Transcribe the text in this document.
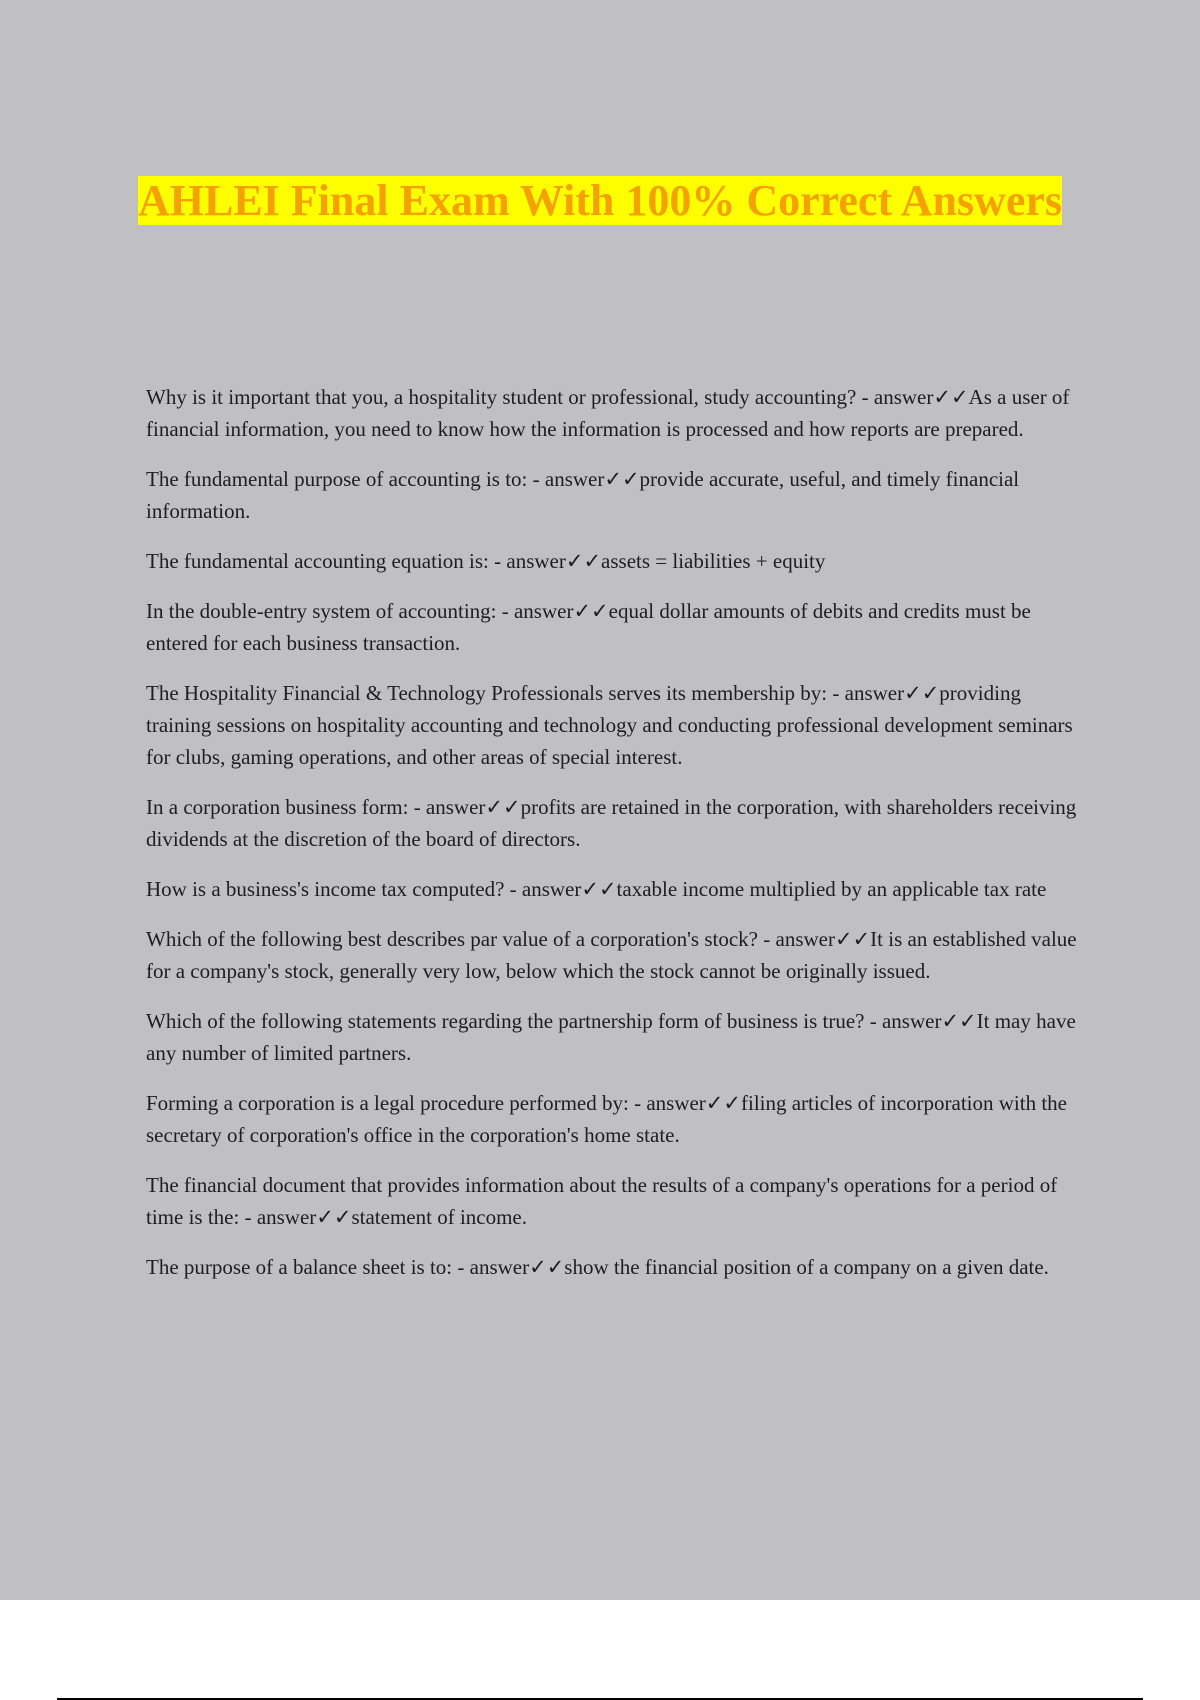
AHLEI Final Exam With 100% Correct Answers

Why is it important that you, a hospitality student or professional, study accounting? - answer✓✓As a user of financial information, you need to know how the information is processed and how reports are prepared.

The fundamental purpose of accounting is to: - answer✓✓provide accurate, useful, and timely financial information.

The fundamental accounting equation is: - answer✓✓assets = liabilities + equity

In the double-entry system of accounting: - answer✓✓equal dollar amounts of debits and credits must be entered for each business transaction.

The Hospitality Financial & Technology Professionals serves its membership by: - answer✓✓providing training sessions on hospitality accounting and technology and conducting professional development seminars for clubs, gaming operations, and other areas of special interest.

In a corporation business form: - answer✓✓profits are retained in the corporation, with shareholders receiving dividends at the discretion of the board of directors.

How is a business's income tax computed? - answer✓✓taxable income multiplied by an applicable tax rate

Which of the following best describes par value of a corporation's stock? - answer✓✓It is an established value for a company's stock, generally very low, below which the stock cannot be originally issued.

Which of the following statements regarding the partnership form of business is true? - answer✓✓It may have any number of limited partners.

Forming a corporation is a legal procedure performed by: - answer✓✓filing articles of incorporation with the secretary of corporation's office in the corporation's home state.

The financial document that provides information about the results of a company's operations for a period of time is the: - answer✓✓statement of income.

The purpose of a balance sheet is to: - answer✓✓show the financial position of a company on a given date.
